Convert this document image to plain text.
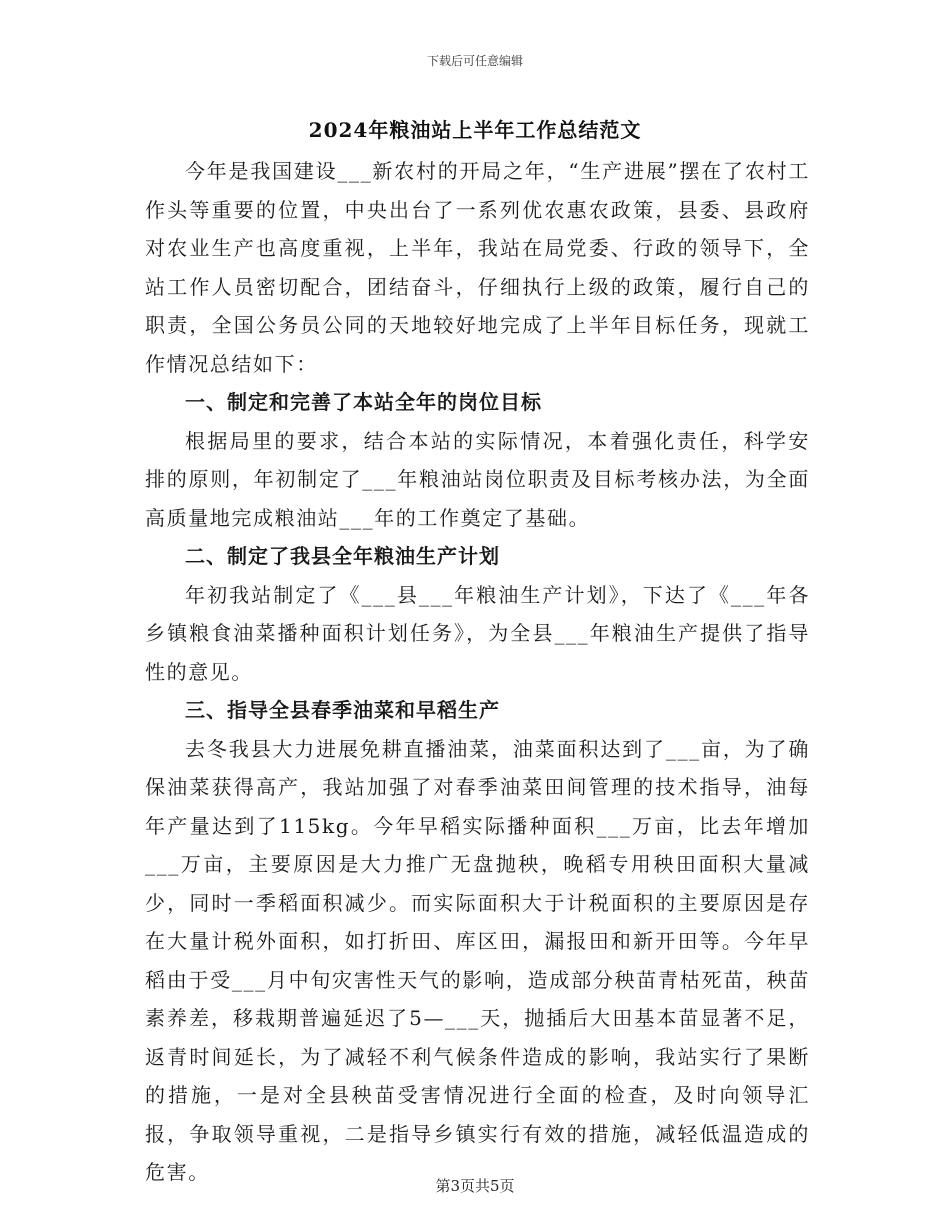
下载后可任意编辑
2024年粮油站上半年工作总结范文

今年是我国建设___新农村的开局之年，“生产进展”摆在了农村工作头等重要的位置，中央出台了一系列优农惠农政策，县委、县政府对农业生产也高度重视，上半年，我站在局党委、行政的领导下，全站工作人员密切配合，团结奋斗，仔细执行上级的政策，履行自己的职责，全国公务员公同的天地较好地完成了上半年目标任务，现就工作情况总结如下：

一、制定和完善了本站全年的岗位目标

根据局里的要求，结合本站的实际情况，本着强化责任，科学安排的原则，年初制定了___年粮油站岗位职责及目标考核办法，为全面高质量地完成粮油站___年的工作奠定了基础。

二、制定了我县全年粮油生产计划

年初我站制定了《___县___年粮油生产计划》，下达了《___年各乡镇粮食油菜播种面积计划任务》，为全县___年粮油生产提供了指导性的意见。

三、指导全县春季油菜和早稻生产

去冬我县大力进展免耕直播油菜，油菜面积达到了___亩，为了确保油菜获得高产，我站加强了对春季油菜田间管理的技术指导，油每年产量达到了115kg。今年早稻实际播种面积___万亩，比去年增加___万亩，主要原因是大力推广无盘抛秧，晚稻专用秧田面积大量减少，同时一季稻面积减少。而实际面积大于计税面积的主要原因是存在大量计税外面积，如打折田、库区田，漏报田和新开田等。今年早稻由于受___月中旬灾害性天气的影响，造成部分秧苗青枯死苗，秧苗素养差，移栽期普遍延迟了5—___天，抛插后大田基本苗显著不足，返青时间延长，为了减轻不利气候条件造成的影响，我站实行了果断的措施，一是对全县秧苗受害情况进行全面的检查，及时向领导汇报，争取领导重视，二是指导乡镇实行有效的措施，减轻低温造成的危害。

第3页共5页
